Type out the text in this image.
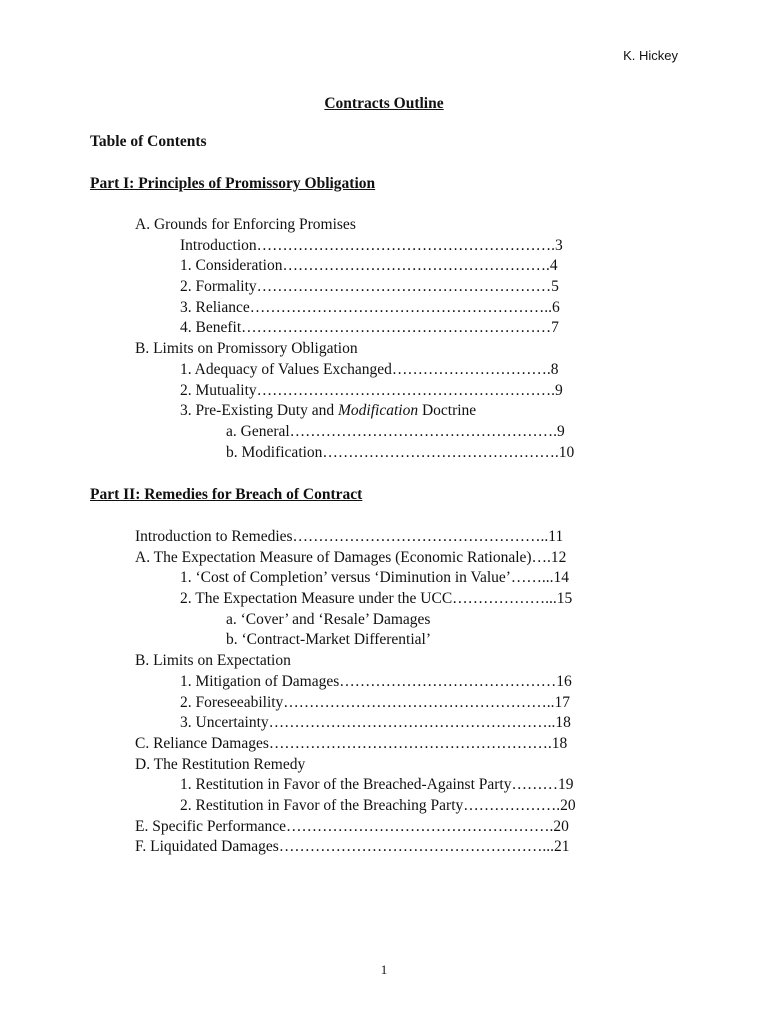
K. Hickey
Contracts Outline
Table of Contents
Part I: Principles of Promissory Obligation
A. Grounds for Enforcing Promises
Introduction………………………………………………….3
1. Consideration…………………………………………….4
2. Formality…………………………………………………5
3. Reliance…………………………………………………..6
4. Benefit……………………………………………………7
B. Limits on Promissory Obligation
1. Adequacy of Values Exchanged………………………….8
2. Mutuality………………………………………………….9
3. Pre-Existing Duty and Modification Doctrine
a. General…………………………………………….9
b. Modification……………………………………….10
Part II: Remedies for Breach of Contract
Introduction to Remedies…………………………………………..11
A. The Expectation Measure of Damages (Economic Rationale)….12
1. ‘Cost of Completion’ versus ‘Diminution in Value’……...14
2. The Expectation Measure under the UCC………………...15
a. ‘Cover’ and ‘Resale’ Damages
b. ‘Contract-Market Differential’
B. Limits on Expectation
1. Mitigation of Damages……………………………………16
2. Foreseeability……………………………………………..17
3. Uncertainty………………………………………………..18
C. Reliance Damages……………………………………………….18
D. The Restitution Remedy
1. Restitution in Favor of the Breached-Against Party………19
2. Restitution in Favor of the Breaching Party……………….20
E. Specific Performance…………………………………………….20
F. Liquidated Damages……………………………………………...21
1
